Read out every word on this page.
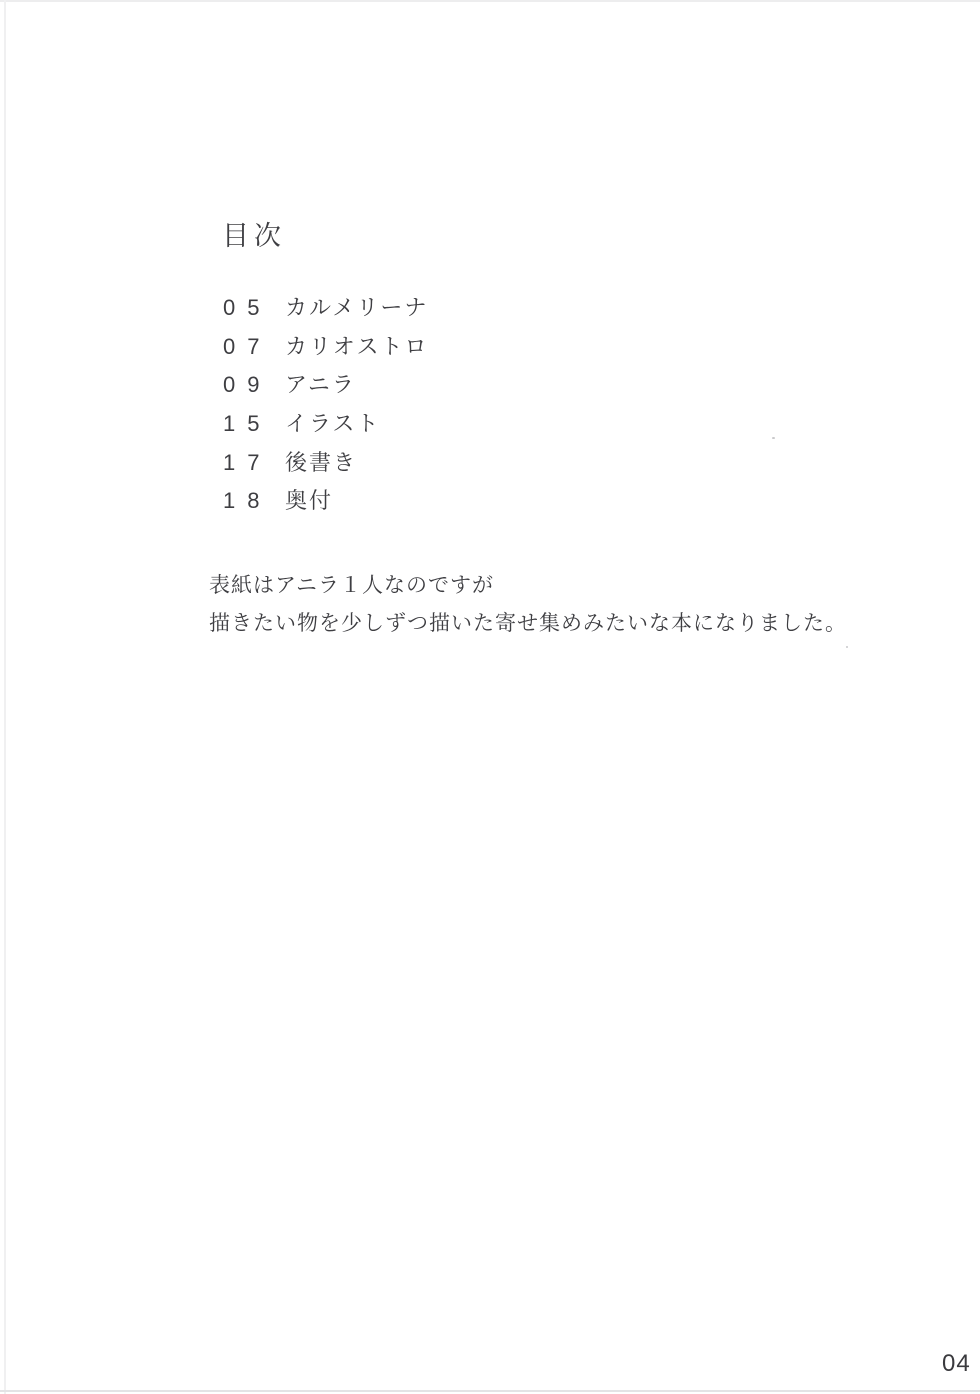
目次
05 カルメリーナ
07 カリオストロ
09 アニラ
15 イラスト
17 後書き
18 奥付
表紙はアニラ１人なのですが
描きたい物を少しずつ描いた寄せ集めみたいな本になりました。
04
